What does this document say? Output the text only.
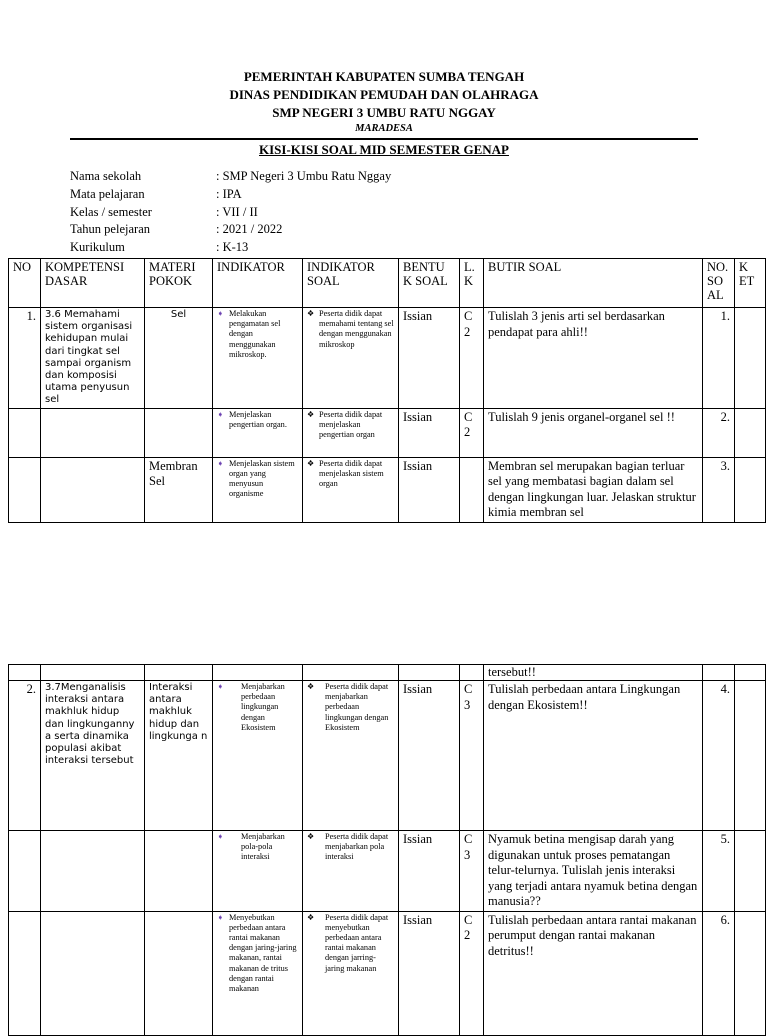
PEMERINTAH KABUPATEN SUMBA TENGAH
DINAS PENDIDIKAN PEMUDAH DAN OLAHRAGA
SMP NEGERI 3 UMBU RATU NGGAY
MARADESA
KISI-KISI SOAL MID SEMESTER GENAP
Nama sekolah	: SMP Negeri 3 Umbu Ratu Nggay
Mata pelajaran	: IPA
Kelas / semester	: VII / II
Tahun pelejaran	: 2021 / 2022
Kurikulum	: K-13
NO	KOMPETENSI DASAR	MATERI POKOK	INDIKATOR	INDIKATOR SOAL	BENTU K SOAL	L. K	BUTIR SOAL	NO. SO AL	K ET
1.	3.6 Memahami sistem organisasi kehidupan mulai dari tingkat sel sampai organism dan komposisi utama penyusun sel	Sel	➧ Melakukan pengamatan sel dengan menggunakan mikroskop.	❖ Peserta didik dapat memahami tentang sel dengan menggunakan mikroskop	Issian	C 2	Tulislah 3 jenis arti sel berdasarkan pendapat para ahli!!	1.	

			➧ Menjelaskan pengertian organ.	❖ Peserta didik dapat menjelaskan pengertian organ	Issian	C 2	Tulislah 9 jenis organel-organel sel !!	2.	
		Membran Sel	➧ Menjelaskan sistem organ yang menyusun organisme	❖ Peserta didik dapat menjelaskan sistem organ	Issian		Membran sel merupakan bagian terluar sel yang membatasi bagian dalam sel dengan lingkungan luar. Jelaskan struktur kimia membran sel	3.	
							tersebut!!		
2.	3.7Menganalisis interaksi antara makhluk hidup dan lingkunganny a serta dinamika populasi akibat interaksi tersebut	Interaksi antara makhluk hidup dan lingkunga n	➧ Menjabarkan perbedaan lingkungan dengan Ekosistem	❖ Peserta didik dapat menjabarkan perbedaan lingkungan dengan Ekosistem	Issian	C 3	Tulislah perbedaan antara Lingkungan dengan Ekosistem!!	4.	

			➧ Menjabarkan pola-pola interaksi	❖ Peserta didik dapat menjabarkan pola interaksi	Issian	C 3	Nyamuk betina mengisap darah yang digunakan untuk proses pematangan telur-telurnya. Tulislah jenis interaksi yang terjadi antara nyamuk betina dengan manusia??	5.	

			➧ Menyebutkan perbedaan antara rantai makanan dengan jaring-jaring makanan, rantai makanan de tritus dengan rantai makanan	❖ Peserta didik dapat menyebutkan perbedaan antara rantai makanan dengan jarring-jaring makanan	Issian	C 2	Tulislah perbedaan antara rantai makanan perumput dengan rantai makanan detritus!!	6.	
